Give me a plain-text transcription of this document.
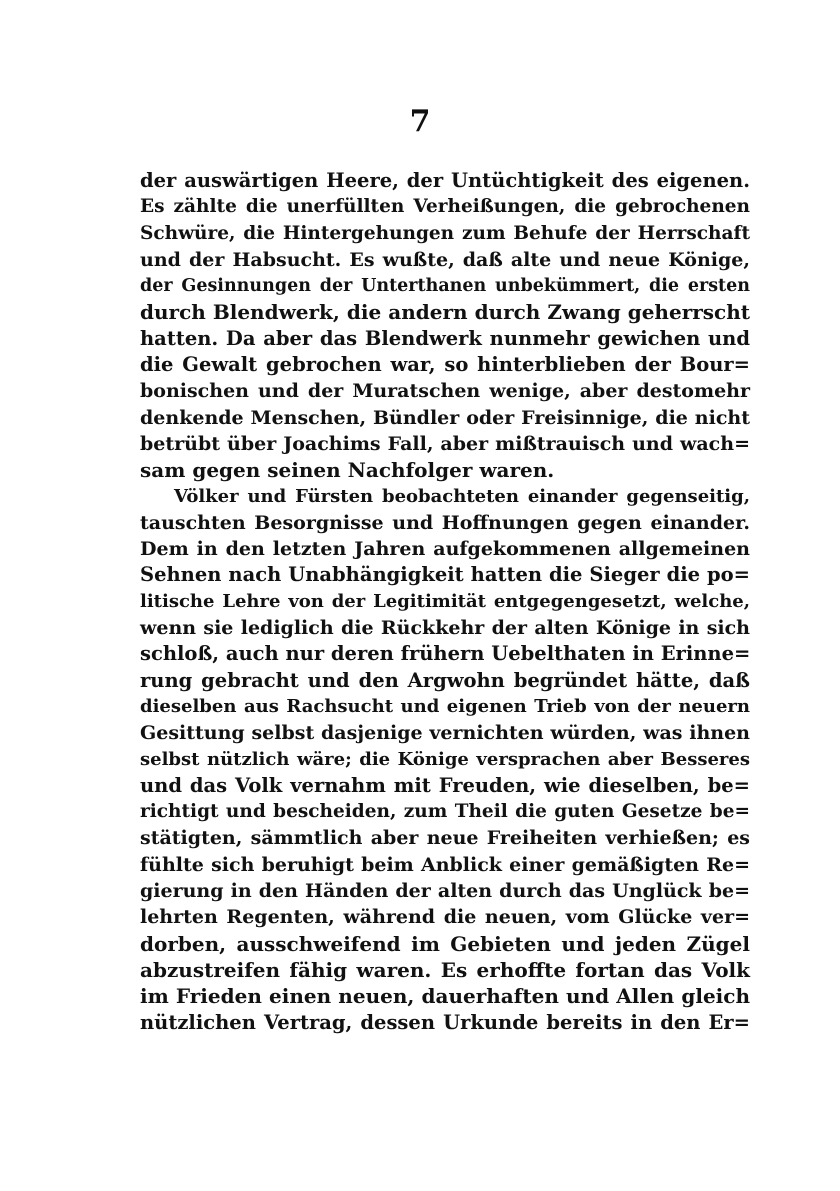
7
der auswärtigen Heere, der Untüchtigkeit des eigenen.
Es zählte die unerfüllten Verheißungen, die gebrochenen
Schwüre, die Hintergehungen zum Behufe der Herrschaft
und der Habsucht. Es wußte, daß alte und neue Könige,
der Gesinnungen der Unterthanen unbekümmert, die ersten
durch Blendwerk, die andern durch Zwang geherrscht
hatten. Da aber das Blendwerk nunmehr gewichen und
die Gewalt gebrochen war, so hinterblieben der Bour=
bonischen und der Muratschen wenige, aber destomehr
denkende Menschen, Bündler oder Freisinnige, die nicht
betrübt über Joachims Fall, aber mißtrauisch und wach=
sam gegen seinen Nachfolger waren.
Völker und Fürsten beobachteten einander gegenseitig,
tauschten Besorgnisse und Hoffnungen gegen einander.
Dem in den letzten Jahren aufgekommenen allgemeinen
Sehnen nach Unabhängigkeit hatten die Sieger die po=
litische Lehre von der Legitimität entgegengesetzt, welche,
wenn sie lediglich die Rückkehr der alten Könige in sich
schloß, auch nur deren frühern Uebelthaten in Erinne=
rung gebracht und den Argwohn begründet hätte, daß
dieselben aus Rachsucht und eigenen Trieb von der neuern
Gesittung selbst dasjenige vernichten würden, was ihnen
selbst nützlich wäre; die Könige versprachen aber Besseres
und das Volk vernahm mit Freuden, wie dieselben, be=
richtigt und bescheiden, zum Theil die guten Gesetze be=
stätigten, sämmtlich aber neue Freiheiten verhießen; es
fühlte sich beruhigt beim Anblick einer gemäßigten Re=
gierung in den Händen der alten durch das Unglück be=
lehrten Regenten, während die neuen, vom Glücke ver=
dorben, ausschweifend im Gebieten und jeden Zügel
abzustreifen fähig waren. Es erhoffte fortan das Volk
im Frieden einen neuen, dauerhaften und Allen gleich
nützlichen Vertrag, dessen Urkunde bereits in den Er=
